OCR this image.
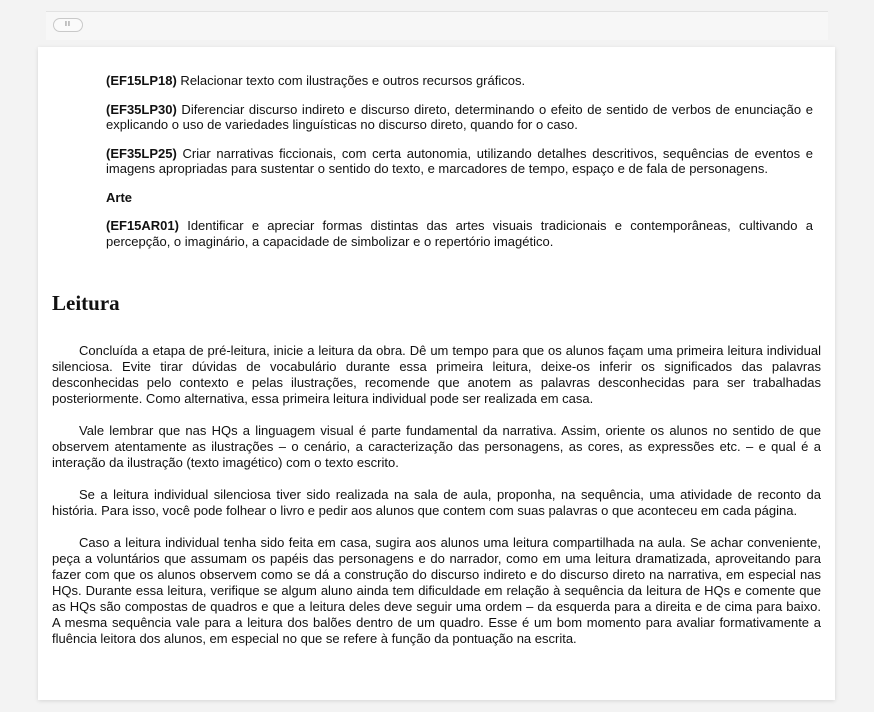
II

(EF15LP18) Relacionar texto com ilustrações e outros recursos gráficos.

(EF35LP30) Diferenciar discurso indireto e discurso direto, determinando o efeito de sentido de verbos de enunciação e explicando o uso de variedades linguísticas no discurso direto, quando for o caso.

(EF35LP25) Criar narrativas ficcionais, com certa autonomia, utilizando detalhes descritivos, sequências de eventos e imagens apropriadas para sustentar o sentido do texto, e marcadores de tempo, espaço e de fala de personagens.

Arte

(EF15AR01) Identificar e apreciar formas distintas das artes visuais tradicionais e contemporâneas, cultivando a percepção, o imaginário, a capacidade de simbolizar e o repertório imagético.

Leitura

Concluída a etapa de pré-leitura, inicie a leitura da obra. Dê um tempo para que os alunos façam uma primeira leitura individual silenciosa. Evite tirar dúvidas de vocabulário durante essa primeira leitura, deixe-os inferir os significados das palavras desconhecidas pelo contexto e pelas ilustrações, recomende que anotem as palavras desconhecidas para ser trabalhadas posteriormente. Como alternativa, essa primeira leitura individual pode ser realizada em casa.

Vale lembrar que nas HQs a linguagem visual é parte fundamental da narrativa. Assim, oriente os alunos no sentido de que observem atentamente as ilustrações – o cenário, a caracterização das personagens, as cores, as expressões etc. – e qual é a interação da ilustração (texto imagético) com o texto escrito.

Se a leitura individual silenciosa tiver sido realizada na sala de aula, proponha, na sequência, uma atividade de reconto da história. Para isso, você pode folhear o livro e pedir aos alunos que contem com suas palavras o que aconteceu em cada página.

Caso a leitura individual tenha sido feita em casa, sugira aos alunos uma leitura compartilhada na aula. Se achar conveniente, peça a voluntários que assumam os papéis das personagens e do narrador, como em uma leitura dramatizada, aproveitando para fazer com que os alunos observem como se dá a construção do discurso indireto e do discurso direto na narrativa, em especial nas HQs. Durante essa leitura, verifique se algum aluno ainda tem dificuldade em relação à sequência da leitura de HQs e comente que as HQs são compostas de quadros e que a leitura deles deve seguir uma ordem – da esquerda para a direita e de cima para baixo. A mesma sequência vale para a leitura dos balões dentro de um quadro. Esse é um bom momento para avaliar formativamente a fluência leitora dos alunos, em especial no que se refere à função da pontuação na escrita.
